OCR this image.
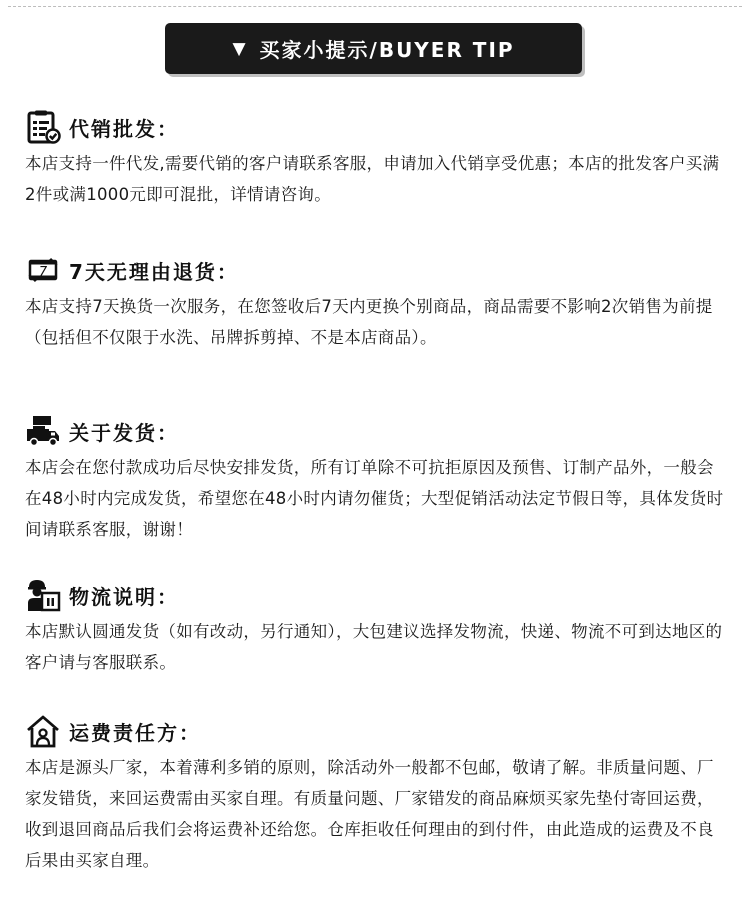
▼ 买家小提示/BUYER TIP
代销批发：
本店支持一件代发,需要代销的客户请联系客服，申请加入代销享受优惠；本店的批发客户买满2件或满1000元即可混批，详情请咨询。
7 7天无理由退货：
本店支持7天换货一次服务，在您签收后7天内更换个别商品，商品需要不影响2次销售为前提（包括但不仅限于水洗、吊牌拆剪掉、不是本店商品）。
关于发货：
本店会在您付款成功后尽快安排发货，所有订单除不可抗拒原因及预售、订制产品外，一般会在48小时内完成发货，希望您在48小时内请勿催货；大型促销活动法定节假日等，具体发货时间请联系客服，谢谢！
物流说明：
本店默认圆通发货（如有改动，另行通知），大包建议选择发物流，快递、物流不可到达地区的客户请与客服联系。
运费责任方：
本店是源头厂家，本着薄利多销的原则，除活动外一般都不包邮，敬请了解。非质量问题、厂家发错货，来回运费需由买家自理。有质量问题、厂家错发的商品麻烦买家先垫付寄回运费，收到退回商品后我们会将运费补还给您。仓库拒收任何理由的到付件，由此造成的运费及不良后果由买家自理。
